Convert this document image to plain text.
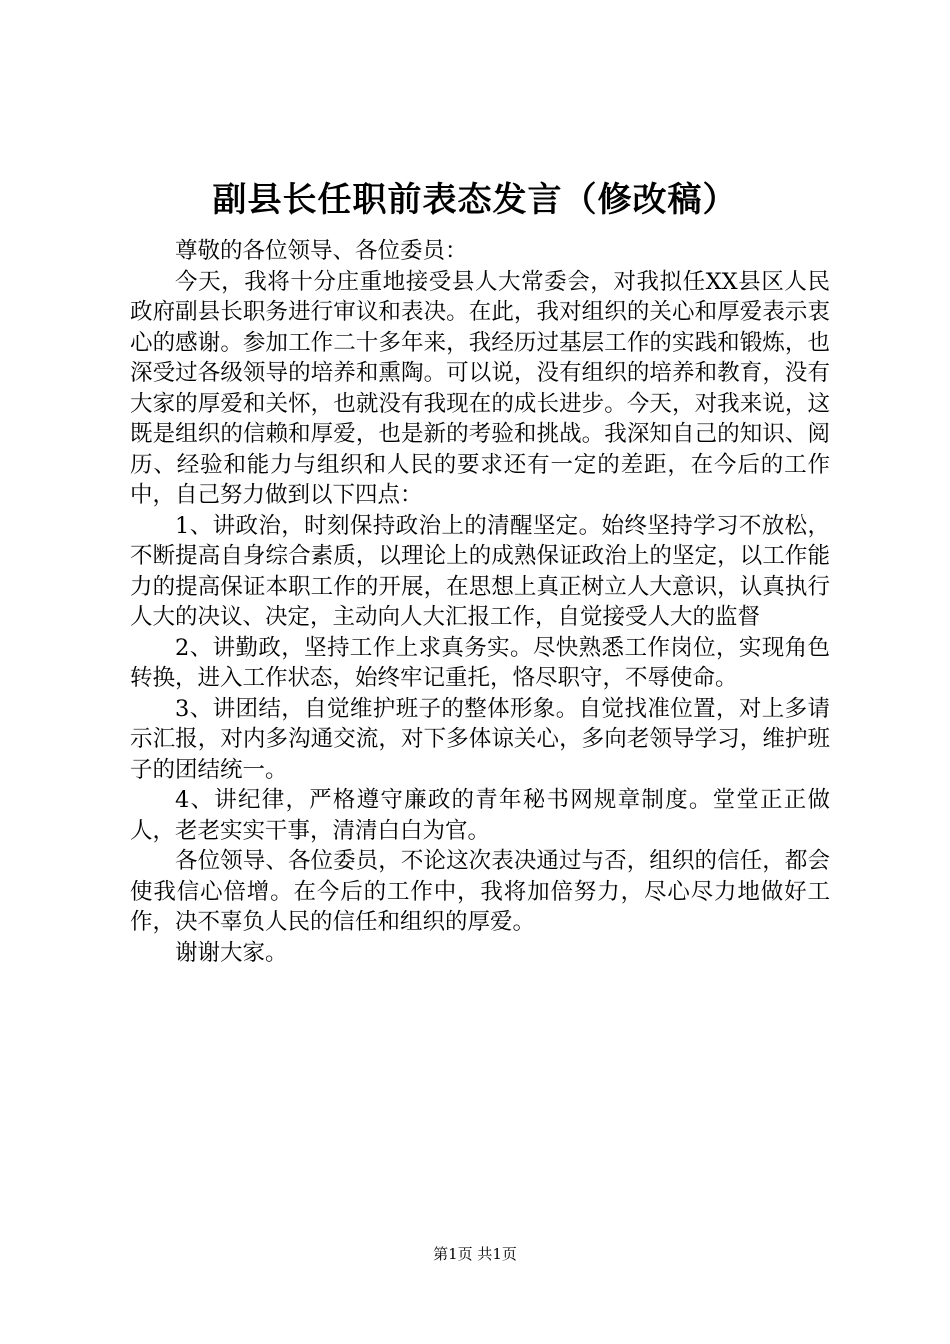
副县长任职前表态发言（修改稿）

尊敬的各位领导、各位委员：

今天，我将十分庄重地接受县人大常委会，对我拟任XX县区人民政府副县长职务进行审议和表决。在此，我对组织的关心和厚爱表示衷心的感谢。参加工作二十多年来，我经历过基层工作的实践和锻炼，也深受过各级领导的培养和熏陶。可以说，没有组织的培养和教育，没有大家的厚爱和关怀，也就没有我现在的成长进步。今天，对我来说，这既是组织的信赖和厚爱，也是新的考验和挑战。我深知自己的知识、阅历、经验和能力与组织和人民的要求还有一定的差距，在今后的工作中，自己努力做到以下四点：

1、讲政治，时刻保持政治上的清醒坚定。始终坚持学习不放松，不断提高自身综合素质，以理论上的成熟保证政治上的坚定，以工作能力的提高保证本职工作的开展，在思想上真正树立人大意识，认真执行人大的决议、决定，主动向人大汇报工作，自觉接受人大的监督

2、讲勤政，坚持工作上求真务实。尽快熟悉工作岗位，实现角色转换，进入工作状态，始终牢记重托，恪尽职守，不辱使命。

3、讲团结，自觉维护班子的整体形象。自觉找准位置，对上多请示汇报，对内多沟通交流，对下多体谅关心，多向老领导学习，维护班子的团结统一。

4、讲纪律，严格遵守廉政的青年秘书网规章制度。堂堂正正做人，老老实实干事，清清白白为官。

各位领导、各位委员，不论这次表决通过与否，组织的信任，都会使我信心倍增。在今后的工作中，我将加倍努力，尽心尽力地做好工作，决不辜负人民的信任和组织的厚爱。

谢谢大家。

第1页 共1页
